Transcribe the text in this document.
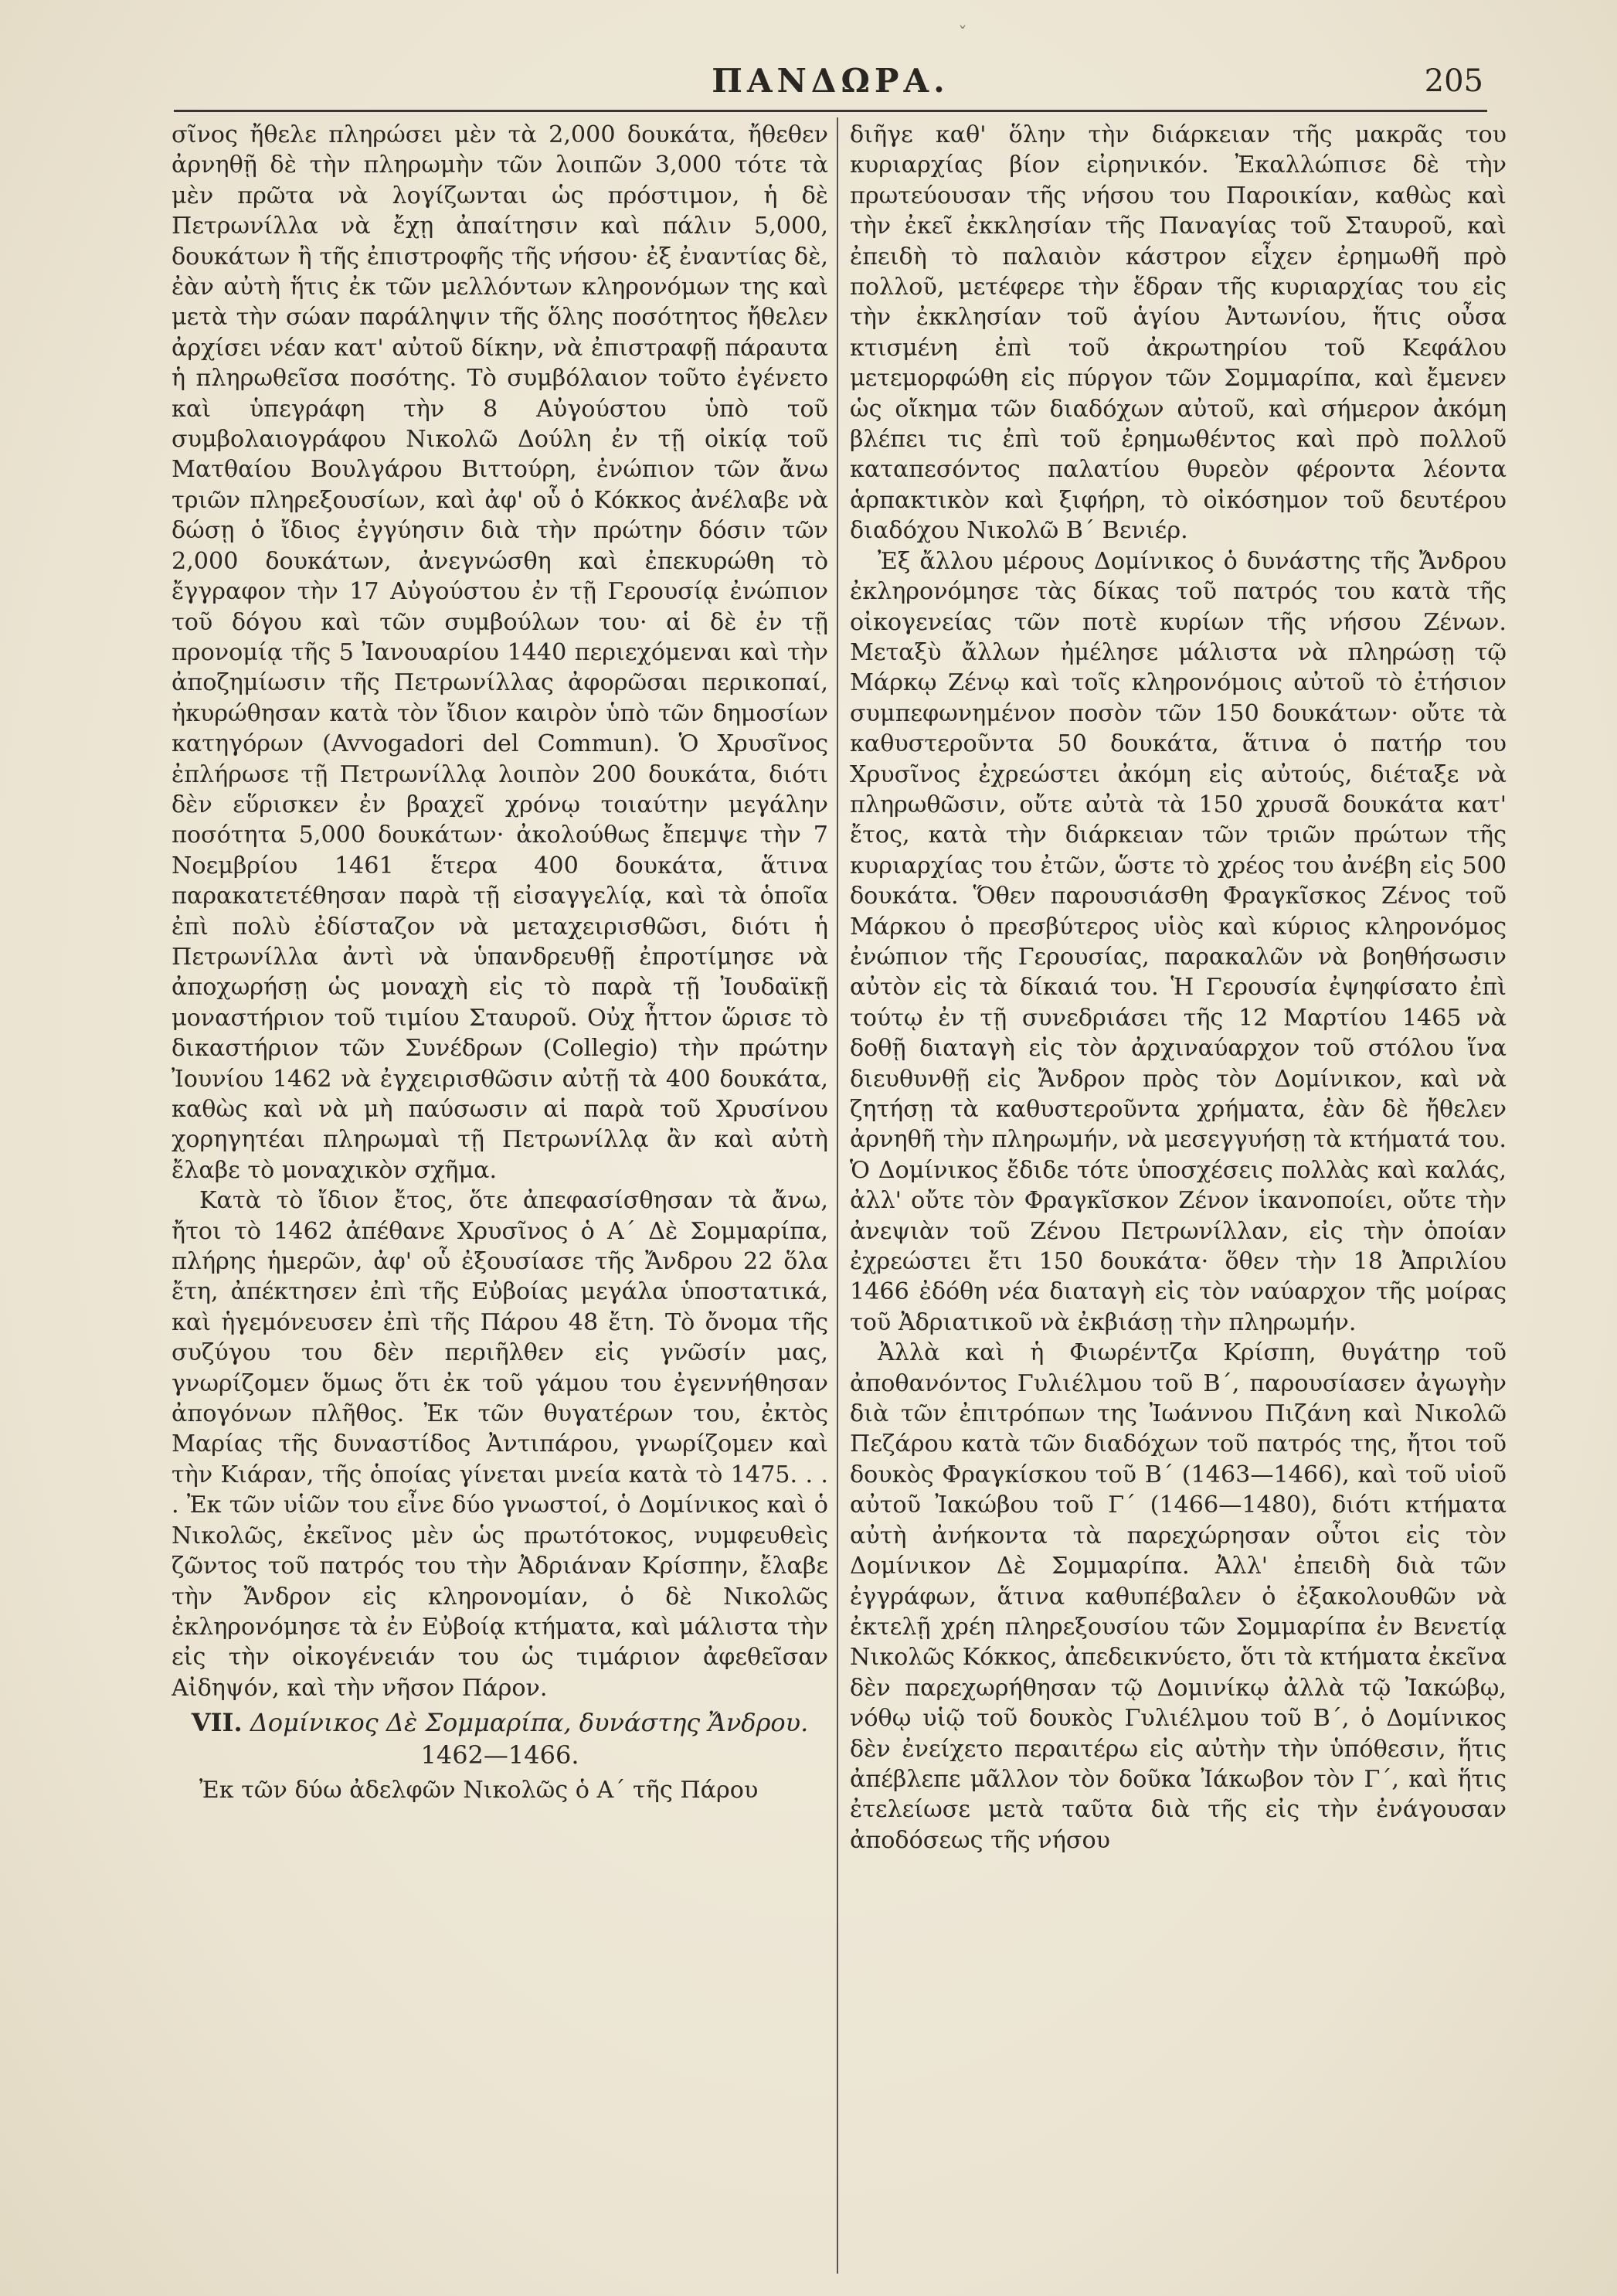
ˇ
ΠΑΝΔΩΡΑ.	205

σῖνος ἤθελε πληρώσει μὲν τὰ 2,000 δουκάτα, ἤθεθεν ἀρνηθῇ δὲ τὴν πληρωμὴν τῶν λοιπῶν 3,000 τότε τὰ μὲν πρῶτα νὰ λογίζωνται ὡς πρόστιμον, ἡ δὲ Πετρωνίλλα νὰ ἔχῃ ἀπαίτησιν καὶ πάλιν 5,000, δουκάτων ἢ τῆς ἐπιστροφῆς τῆς νήσου· ἐξ ἐναντίας δὲ, ἐὰν αὐτὴ ἥτις ἐκ τῶν μελλόντων κληρονόμων της καὶ μετὰ τὴν σώαν παράληψιν τῆς ὅλης ποσότητος ἤθελεν ἀρχίσει νέαν κατ' αὐτοῦ δίκην, νὰ ἐπιστραφῇ πάραυτα ἡ πληρωθεῖσα ποσότης. Τὸ συμβόλαιον τοῦτο ἐγένετο καὶ ὑπεγράφη τὴν 8 Αὐγούστου ὑπὸ τοῦ συμβολαιογράφου Νικολῶ Δούλη ἐν τῇ οἰκίᾳ τοῦ Ματθαίου Βουλγάρου Βιττούρη, ἐνώπιον τῶν ἄνω τριῶν πληρεξουσίων, καὶ ἀφ' οὗ ὁ Κόκκος ἀνέλαβε νὰ δώσῃ ὁ ἴδιος ἐγγύησιν διὰ τὴν πρώτην δόσιν τῶν 2,000 δουκάτων, ἀνεγνώσθη καὶ ἐπεκυρώθη τὸ ἔγγραφον τὴν 17 Αὐγούστου ἐν τῇ Γερουσίᾳ ἐνώπιον τοῦ δόγου καὶ τῶν συμβούλων του· αἱ δὲ ἐν τῇ προνομίᾳ τῆς 5 Ἰανουαρίου 1440 περιεχόμεναι καὶ τὴν ἀποζημίωσιν τῆς Πετρωνίλλας ἀφορῶσαι περικοπαί, ἠκυρώθησαν κατὰ τὸν ἴδιον καιρὸν ὑπὸ τῶν δημοσίων κατηγόρων (Avvogadori del Commun). Ὁ Χρυσῖνος ἐπλήρωσε τῇ Πετρωνίλλᾳ λοιπὸν 200 δουκάτα, διότι δὲν εὕρισκεν ἐν βραχεῖ χρόνῳ τοιαύτην μεγάλην ποσότητα 5,000 δουκάτων· ἀκολούθως ἔπεμψε τὴν 7 Νοεμβρίου 1461 ἕτερα 400 δουκάτα, ἅτινα παρακατετέθησαν παρὰ τῇ εἰσαγγελίᾳ, καὶ τὰ ὁποῖα ἐπὶ πολὺ ἐδίσταζον νὰ μεταχειρισθῶσι, διότι ἡ Πετρωνίλλα ἀντὶ νὰ ὑπανδρευθῇ ἐπροτίμησε νὰ ἀποχωρήσῃ ὡς μοναχὴ εἰς τὸ παρὰ τῇ Ἰουδαϊκῇ μοναστήριον τοῦ τιμίου Σταυροῦ. Οὐχ ἧττον ὥρισε τὸ δικαστήριον τῶν Συνέδρων (Collegio) τὴν πρώτην Ἰουνίου 1462 νὰ ἐγχειρισθῶσιν αὐτῇ τὰ 400 δουκάτα, καθὼς καὶ νὰ μὴ παύσωσιν αἱ παρὰ τοῦ Χρυσίνου χορηγητέαι πληρωμαὶ τῇ Πετρωνίλλᾳ ἂν καὶ αὐτὴ ἔλαβε τὸ μοναχικὸν σχῆμα.

Κατὰ τὸ ἴδιον ἔτος, ὅτε ἀπεφασίσθησαν τὰ ἄνω, ἤτοι τὸ 1462 ἀπέθανε Χρυσῖνος ὁ Α΄ Δὲ Σομμαρίπα, πλήρης ἡμερῶν, ἀφ' οὗ ἐξουσίασε τῆς Ἄνδρου 22 ὅλα ἔτη, ἀπέκτησεν ἐπὶ τῆς Εὐβοίας μεγάλα ὑποστατικά, καὶ ἡγεμόνευσεν ἐπὶ τῆς Πάρου 48 ἔτη. Τὸ ὄνομα τῆς συζύγου του δὲν περιῆλθεν εἰς γνῶσίν μας, γνωρίζομεν ὅμως ὅτι ἐκ τοῦ γάμου του ἐγεννήθησαν ἀπογόνων πλῆθος. Ἐκ τῶν θυγατέρων του, ἐκτὸς Μαρίας τῆς δυναστίδος Ἀντιπάρου, γνωρίζομεν καὶ τὴν Κιάραν, τῆς ὁποίας γίνεται μνεία κατὰ τὸ 1475. . . . Ἐκ τῶν υἱῶν του εἶνε δύο γνωστοί, ὁ Δομίνικος καὶ ὁ Νικολῶς, ἐκεῖνος μὲν ὡς πρωτότοκος, νυμφευθεὶς ζῶντος τοῦ πατρός του τὴν Ἀδριάναν Κρίσπην, ἔλαβε τὴν Ἄνδρον εἰς κληρονομίαν, ὁ δὲ Νικολῶς ἐκληρονόμησε τὰ ἐν Εὐβοίᾳ κτήματα, καὶ μάλιστα τὴν εἰς τὴν οἰκογένειάν του ὡς τιμάριον ἀφεθεῖσαν Αἰδηψόν, καὶ τὴν νῆσον Πάρον.

VII. Δομίνικος Δὲ Σομμαρίπα, δυνάστης Ἄνδρου.
1462—1466.

Ἐκ τῶν δύω ἀδελφῶν Νικολῶς ὁ Α΄ τῆς Πάρου

διῆγε καθ' ὅλην τὴν διάρκειαν τῆς μακρᾶς του κυριαρχίας βίον εἰρηνικόν. Ἐκαλλώπισε δὲ τὴν πρωτεύουσαν τῆς νήσου του Παροικίαν, καθὼς καὶ τὴν ἐκεῖ ἐκκλησίαν τῆς Παναγίας τοῦ Σταυροῦ, καὶ ἐπειδὴ τὸ παλαιὸν κάστρον εἶχεν ἐρημωθῆ πρὸ πολλοῦ, μετέφερε τὴν ἕδραν τῆς κυριαρχίας του εἰς τὴν ἐκκλησίαν τοῦ ἁγίου Ἀντωνίου, ἥτις οὖσα κτισμένη ἐπὶ τοῦ ἀκρωτηρίου τοῦ Κεφάλου μετεμορφώθη εἰς πύργον τῶν Σομμαρίπα, καὶ ἔμενεν ὡς οἴκημα τῶν διαδόχων αὐτοῦ, καὶ σήμερον ἀκόμη βλέπει τις ἐπὶ τοῦ ἐρημωθέντος καὶ πρὸ πολλοῦ καταπεσόντος παλατίου θυρεὸν φέροντα λέοντα ἁρπακτικὸν καὶ ξιφήρη, τὸ οἰκόσημον τοῦ δευτέρου διαδόχου Νικολῶ Β΄ Βενιέρ.

Ἐξ ἄλλου μέρους Δομίνικος ὁ δυνάστης τῆς Ἄνδρου ἐκληρονόμησε τὰς δίκας τοῦ πατρός του κατὰ τῆς οἰκογενείας τῶν ποτὲ κυρίων τῆς νήσου Ζένων. Μεταξὺ ἄλλων ἠμέλησε μάλιστα νὰ πληρώσῃ τῷ Μάρκῳ Ζένῳ καὶ τοῖς κληρονόμοις αὐτοῦ τὸ ἐτήσιον συμπεφωνημένον ποσὸν τῶν 150 δουκάτων· οὔτε τὰ καθυστεροῦντα 50 δουκάτα, ἅτινα ὁ πατήρ του Χρυσῖνος ἐχρεώστει ἀκόμη εἰς αὐτούς, διέταξε νὰ πληρωθῶσιν, οὔτε αὐτὰ τὰ 150 χρυσᾶ δουκάτα κατ' ἔτος, κατὰ τὴν διάρκειαν τῶν τριῶν πρώτων τῆς κυριαρχίας του ἐτῶν, ὥστε τὸ χρέος του ἀνέβη εἰς 500 δουκάτα. Ὅθεν παρουσιάσθη Φραγκῖσκος Ζένος τοῦ Μάρκου ὁ πρεσβύτερος υἱὸς καὶ κύριος κληρονόμος ἐνώπιον τῆς Γερουσίας, παρακαλῶν νὰ βοηθήσωσιν αὐτὸν εἰς τὰ δίκαιά του. Ἡ Γερουσία ἐψηφίσατο ἐπὶ τούτῳ ἐν τῇ συνεδριάσει τῆς 12 Μαρτίου 1465 νὰ δοθῇ διαταγὴ εἰς τὸν ἀρχιναύαρχον τοῦ στόλου ἵνα διευθυνθῇ εἰς Ἄνδρον πρὸς τὸν Δομίνικον, καὶ νὰ ζητήσῃ τὰ καθυστεροῦντα χρήματα, ἐὰν δὲ ἤθελεν ἀρνηθῆ τὴν πληρωμήν, νὰ μεσεγγυήσῃ τὰ κτήματά του. Ὁ Δομίνικος ἔδιδε τότε ὑποσχέσεις πολλὰς καὶ καλάς, ἀλλ' οὔτε τὸν Φραγκῖσκον Ζένον ἱκανοποίει, οὔτε τὴν ἀνεψιὰν τοῦ Ζένου Πετρωνίλλαν, εἰς τὴν ὁποίαν ἐχρεώστει ἔτι 150 δουκάτα· ὅθεν τὴν 18 Ἀπριλίου 1466 ἐδόθη νέα διαταγὴ εἰς τὸν ναύαρχον τῆς μοίρας τοῦ Ἀδριατικοῦ νὰ ἐκβιάσῃ τὴν πληρωμήν.

Ἀλλὰ καὶ ἡ Φιωρέντζα Κρίσπη, θυγάτηρ τοῦ ἀποθανόντος Γυλιέλμου τοῦ Β΄, παρουσίασεν ἀγωγὴν διὰ τῶν ἐπιτρόπων της Ἰωάννου Πιζάνη καὶ Νικολῶ Πεζάρου κατὰ τῶν διαδόχων τοῦ πατρός της, ἤτοι τοῦ δουκὸς Φραγκίσκου τοῦ Β΄ (1463—1466), καὶ τοῦ υἱοῦ αὐτοῦ Ἰακώβου τοῦ Γ΄ (1466—1480), διότι κτήματα αὐτὴ ἀνήκοντα τὰ παρεχώρησαν οὗτοι εἰς τὸν Δομίνικον Δὲ Σομμαρίπα. Ἀλλ' ἐπειδὴ διὰ τῶν ἐγγράφων, ἅτινα καθυπέβαλεν ὁ ἐξακολουθῶν νὰ ἐκτελῇ χρέη πληρεξουσίου τῶν Σομμαρίπα ἐν Βενετίᾳ Νικολῶς Κόκκος, ἀπεδεικνύετο, ὅτι τὰ κτήματα ἐκεῖνα δὲν παρεχωρήθησαν τῷ Δομινίκῳ ἀλλὰ τῷ Ἰακώβῳ, νόθῳ υἱῷ τοῦ δουκὸς Γυλιέλμου τοῦ Β΄, ὁ Δομίνικος δὲν ἐνείχετο περαιτέρω εἰς αὐτὴν τὴν ὑπόθεσιν, ἥτις ἀπέβλεπε μᾶλλον τὸν δοῦκα Ἰάκωβον τὸν Γ΄, καὶ ἥτις ἐτελείωσε μετὰ ταῦτα διὰ τῆς εἰς τὴν ἐνάγουσαν ἀποδόσεως τῆς νήσου
